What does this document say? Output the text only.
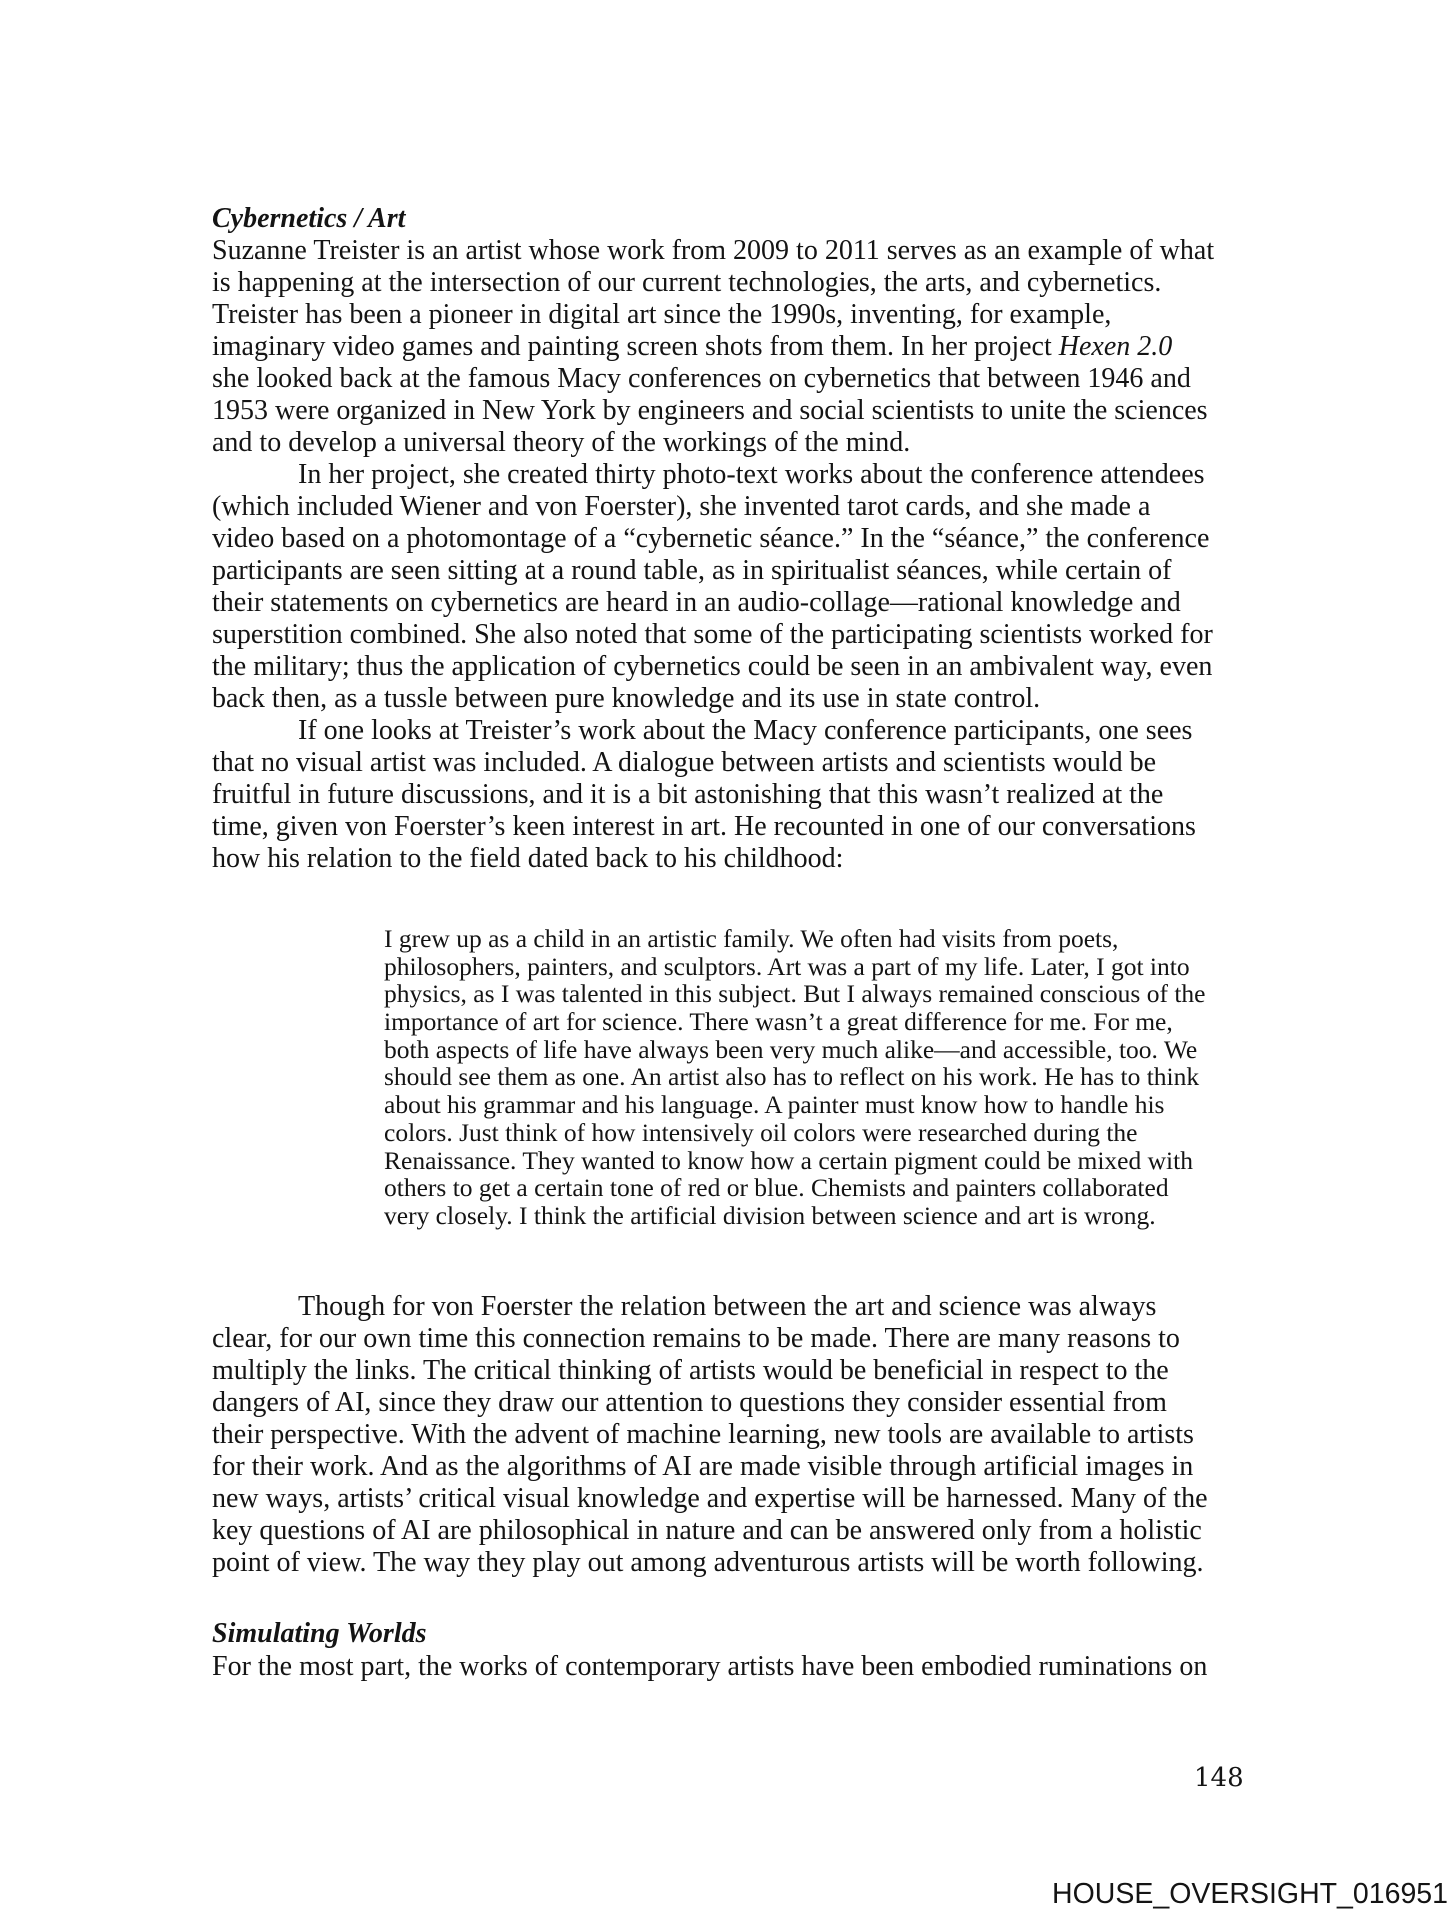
Cybernetics / Art
Suzanne Treister is an artist whose work from 2009 to 2011 serves as an example of what
is happening at the intersection of our current technologies, the arts, and cybernetics.
Treister has been a pioneer in digital art since the 1990s, inventing, for example,
imaginary video games and painting screen shots from them. In her project Hexen 2.0
she looked back at the famous Macy conferences on cybernetics that between 1946 and
1953 were organized in New York by engineers and social scientists to unite the sciences
and to develop a universal theory of the workings of the mind.
In her project, she created thirty photo-text works about the conference attendees
(which included Wiener and von Foerster), she invented tarot cards, and she made a
video based on a photomontage of a “cybernetic séance.” In the “séance,” the conference
participants are seen sitting at a round table, as in spiritualist séances, while certain of
their statements on cybernetics are heard in an audio-collage—rational knowledge and
superstition combined. She also noted that some of the participating scientists worked for
the military; thus the application of cybernetics could be seen in an ambivalent way, even
back then, as a tussle between pure knowledge and its use in state control.
If one looks at Treister’s work about the Macy conference participants, one sees
that no visual artist was included. A dialogue between artists and scientists would be
fruitful in future discussions, and it is a bit astonishing that this wasn’t realized at the
time, given von Foerster’s keen interest in art. He recounted in one of our conversations
how his relation to the field dated back to his childhood:
I grew up as a child in an artistic family. We often had visits from poets,
philosophers, painters, and sculptors. Art was a part of my life. Later, I got into
physics, as I was talented in this subject. But I always remained conscious of the
importance of art for science. There wasn’t a great difference for me. For me,
both aspects of life have always been very much alike—and accessible, too. We
should see them as one. An artist also has to reflect on his work. He has to think
about his grammar and his language. A painter must know how to handle his
colors. Just think of how intensively oil colors were researched during the
Renaissance. They wanted to know how a certain pigment could be mixed with
others to get a certain tone of red or blue. Chemists and painters collaborated
very closely. I think the artificial division between science and art is wrong.
Though for von Foerster the relation between the art and science was always
clear, for our own time this connection remains to be made. There are many reasons to
multiply the links. The critical thinking of artists would be beneficial in respect to the
dangers of AI, since they draw our attention to questions they consider essential from
their perspective. With the advent of machine learning, new tools are available to artists
for their work. And as the algorithms of AI are made visible through artificial images in
new ways, artists’ critical visual knowledge and expertise will be harnessed. Many of the
key questions of AI are philosophical in nature and can be answered only from a holistic
point of view. The way they play out among adventurous artists will be worth following.
Simulating Worlds
For the most part, the works of contemporary artists have been embodied ruminations on
148
HOUSE_OVERSIGHT_016951
